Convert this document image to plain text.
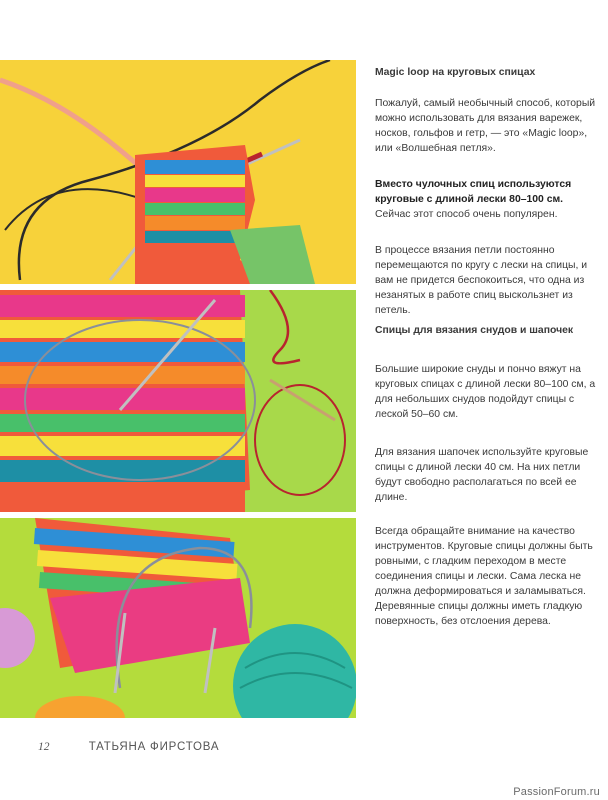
Magic loop на круговых спицах

Пожалуй, самый необычный способ, который можно использовать для вязания варежек, носков, гольфов и гетр, — это «Magic loop», или «Волшебная петля».

Вместо чулочных спиц используются круговые с длиной лески 80–100 см. Сейчас этот способ очень популярен.

В процессе вязания петли постоянно перемещаются по кругу с лески на спицы, и вам не придется беспокоиться, что одна из незанятых в работе спиц выскользнет из петель.

Спицы для вязания снудов и шапочек

Большие широкие снуды и пончо вяжут на круговых спицах с длиной лески 80–100 см, а для небольших снудов подойдут спицы с леской 50–60 см.

Для вязания шапочек используйте круговые спицы с длиной лески 40 см. На них петли будут свободно располагаться по всей ее длине.

Всегда обращайте внимание на качество инструментов. Круговые спицы должны быть ровными, с гладким переходом в месте соединения спицы и лески. Сама леска не должна деформироваться и заламываться. Деревянные спицы должны иметь гладкую поверхность, без отслоения дерева.

12	ТАТЬЯНА ФИРСТОВА
PassionForum.ru
